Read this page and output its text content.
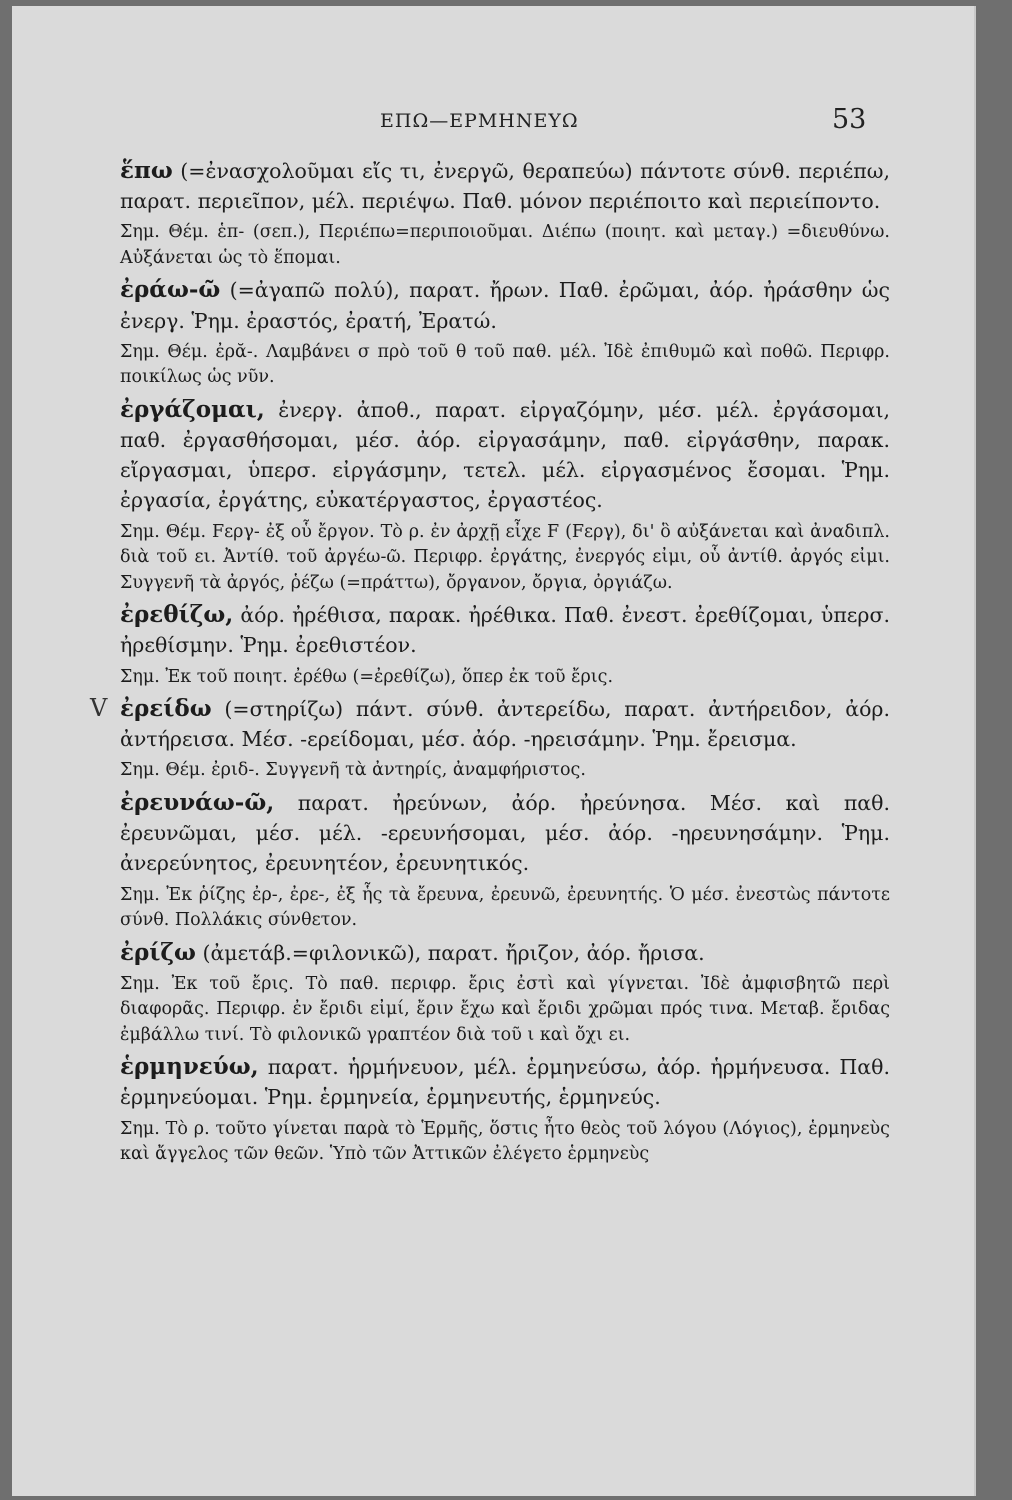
ΕΠΩ—ΕΡΜΗΝΕΥΩ	53

ἕπω (=ἐνασχολοῦμαι εἴς τι, ἐνεργῶ, θεραπεύω) πάντοτε σύνθ. περιέπω, παρατ. περιεῖπον, μέλ. περιέψω. Παθ. μόνον περιέποιτο καὶ περιείποντο.

Σημ. Θέμ. ἑπ- (σεπ.), Περιέπω=περιποιοῦμαι. Διέπω (ποιητ. καὶ μεταγ.) =διευθύνω. Αὐξάνεται ὡς τὸ ἕπομαι.

ἐράω-ῶ (=ἀγαπῶ πολύ), παρατ. ἤρων. Παθ. ἐρῶμαι, ἀόρ. ἠράσθην ὡς ἐνεργ. Ῥημ. ἐραστός, ἐρατή, Ἐρατώ.

Σημ. Θέμ. ἐρᾰ-. Λαμβάνει σ πρὸ τοῦ θ τοῦ παθ. μέλ. Ἰδὲ ἐπιθυμῶ καὶ ποθῶ. Περιφρ. ποικίλως ὡς νῦν.

ἐργάζομαι, ἐνεργ. ἀποθ., παρατ. εἰργαζόμην, μέσ. μέλ. ἐργάσομαι, παθ. ἐργασθήσομαι, μέσ. ἀόρ. εἰργασάμην, παθ. εἰργάσθην, παρακ. εἴργασμαι, ὑπερσ. εἰργάσμην, τετελ. μέλ. εἰργασμένος ἔσομαι. Ῥημ. ἐργασία, ἐργάτης, εὐκατέργαστος, ἐργαστέος.

Σημ. Θέμ. Fεργ- ἐξ οὗ ἔργον. Τὸ ρ. ἐν ἀρχῇ εἶχε F (Fεργ), δι' ὃ αὐξάνεται καὶ ἀναδιπλ. διὰ τοῦ ει. Ἀντίθ. τοῦ ἀργέω-ῶ. Περιφρ. ἐργάτης, ἐνεργός εἰμι, οὗ ἀντίθ. ἀργός εἰμι. Συγγενῆ τὰ ἀργός, ῥέζω (=πράττω), ὄργανον, ὄργια, ὀργιάζω.

ἐρεθίζω, ἀόρ. ἠρέθισα, παρακ. ἠρέθικα. Παθ. ἐνεστ. ἐρεθίζομαι, ὑπερσ. ἠρεθίσμην. Ῥημ. ἐρεθιστέον.

Σημ. Ἐκ τοῦ ποιητ. ἐρέθω (=ἐρεθίζω), ὅπερ ἐκ τοῦ ἔρις.

V ἐρείδω (=στηρίζω) πάντ. σύνθ. ἀντερείδω, παρατ. ἀντήρειδον, ἀόρ. ἀντήρεισα. Μέσ. -ερείδομαι, μέσ. ἀόρ. -ηρεισάμην. Ῥημ. ἔρεισμα.

Σημ. Θέμ. ἐριδ-. Συγγενῆ τὰ ἀντηρίς, ἀναμφήριστος.

ἐρευνάω-ῶ, παρατ. ἠρεύνων, ἀόρ. ἠρεύνησα. Μέσ. καὶ παθ. ἐρευνῶμαι, μέσ. μέλ. -ερευνήσομαι, μέσ. ἀόρ. -ηρευνησάμην. Ῥημ. ἀνερεύνητος, ἐρευνητέον, ἐρευνητικός.

Σημ. Ἐκ ῥίζης ἐρ-, ἐρε-, ἐξ ἧς τὰ ἔρευνα, ἐρευνῶ, ἐρευνητής. Ὁ μέσ. ἐνεστὼς πάντοτε σύνθ. Πολλάκις σύνθετον.

ἐρίζω (ἀμετάβ.=φιλονικῶ), παρατ. ἤριζον, ἀόρ. ἤρισα.

Σημ. Ἐκ τοῦ ἔρις. Τὸ παθ. περιφρ. ἔρις ἐστὶ καὶ γίγνεται. Ἰδὲ ἀμφισβητῶ περὶ διαφορᾶς. Περιφρ. ἐν ἔριδι εἰμί, ἔριν ἔχω καὶ ἔριδι χρῶμαι πρός τινα. Μεταβ. ἔριδας ἐμβάλλω τινί. Τὸ φιλονικῶ γραπτέον διὰ τοῦ ι καὶ ὄχι ει.

ἑρμηνεύω, παρατ. ἡρμήνευον, μέλ. ἑρμηνεύσω, ἀόρ. ἡρμήνευσα. Παθ. ἑρμηνεύομαι. Ῥημ. ἑρμηνεία, ἑρμηνευτής, ἑρμηνεύς.

Σημ. Τὸ ρ. τοῦτο γίνεται παρὰ τὸ Ἑρμῆς, ὅστις ἦτο θεὸς τοῦ λόγου (Λόγιος), ἑρμηνεὺς καὶ ἄγγελος τῶν θεῶν. Ὑπὸ τῶν Ἀττικῶν ἐλέγετο ἑρμηνεὺς
